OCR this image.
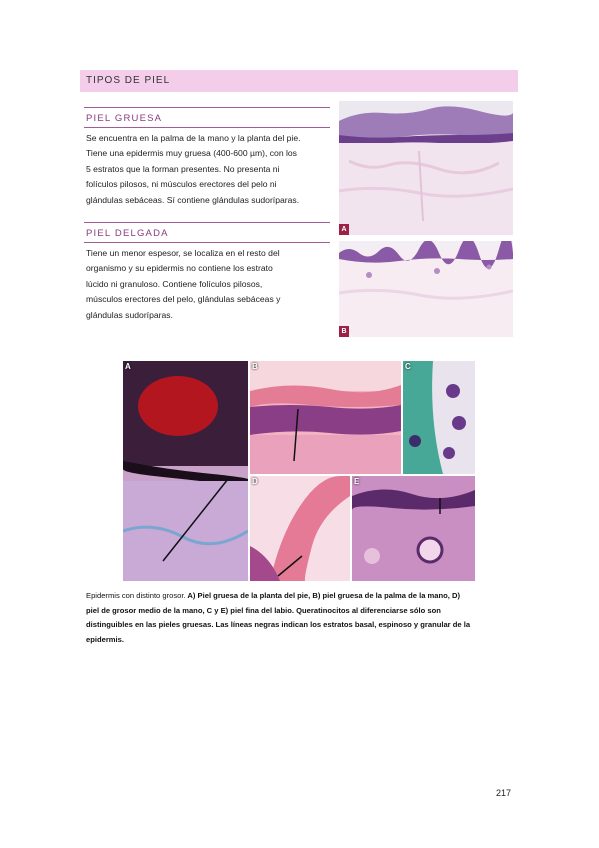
TIPOS DE PIEL
PIEL GRUESA
Se encuentra en la palma de la mano y la planta del pie.
Tiene una epidermis muy gruesa (400-600 µm), con los
5 estratos que la forman presentes. No presenta ni
folículos pilosos, ni músculos erectores del pelo ni
glándulas sebáceas. Sí contiene glándulas sudoríparas.
PIEL DELGADA
Tiene un menor espesor, se localiza en el resto del
organismo y su epidermis no contiene los estrato
lúcido ni granuloso. Contiene folículos pilosos,
músculos erectores del pelo, glándulas sebáceas y
glándulas sudoríparas.
A
B
A	B	C
D	E
Epidermis con distinto grosor. A) Piel gruesa de la planta del pie, B) piel gruesa de la palma de la mano, D)
piel de grosor medio de la mano, C y E) piel fina del labio. Queratinocitos al diferenciarse sólo son
distinguibles en las pieles gruesas. Las líneas negras indican los estratos basal, espinoso y granular de la
epidermis.
217
